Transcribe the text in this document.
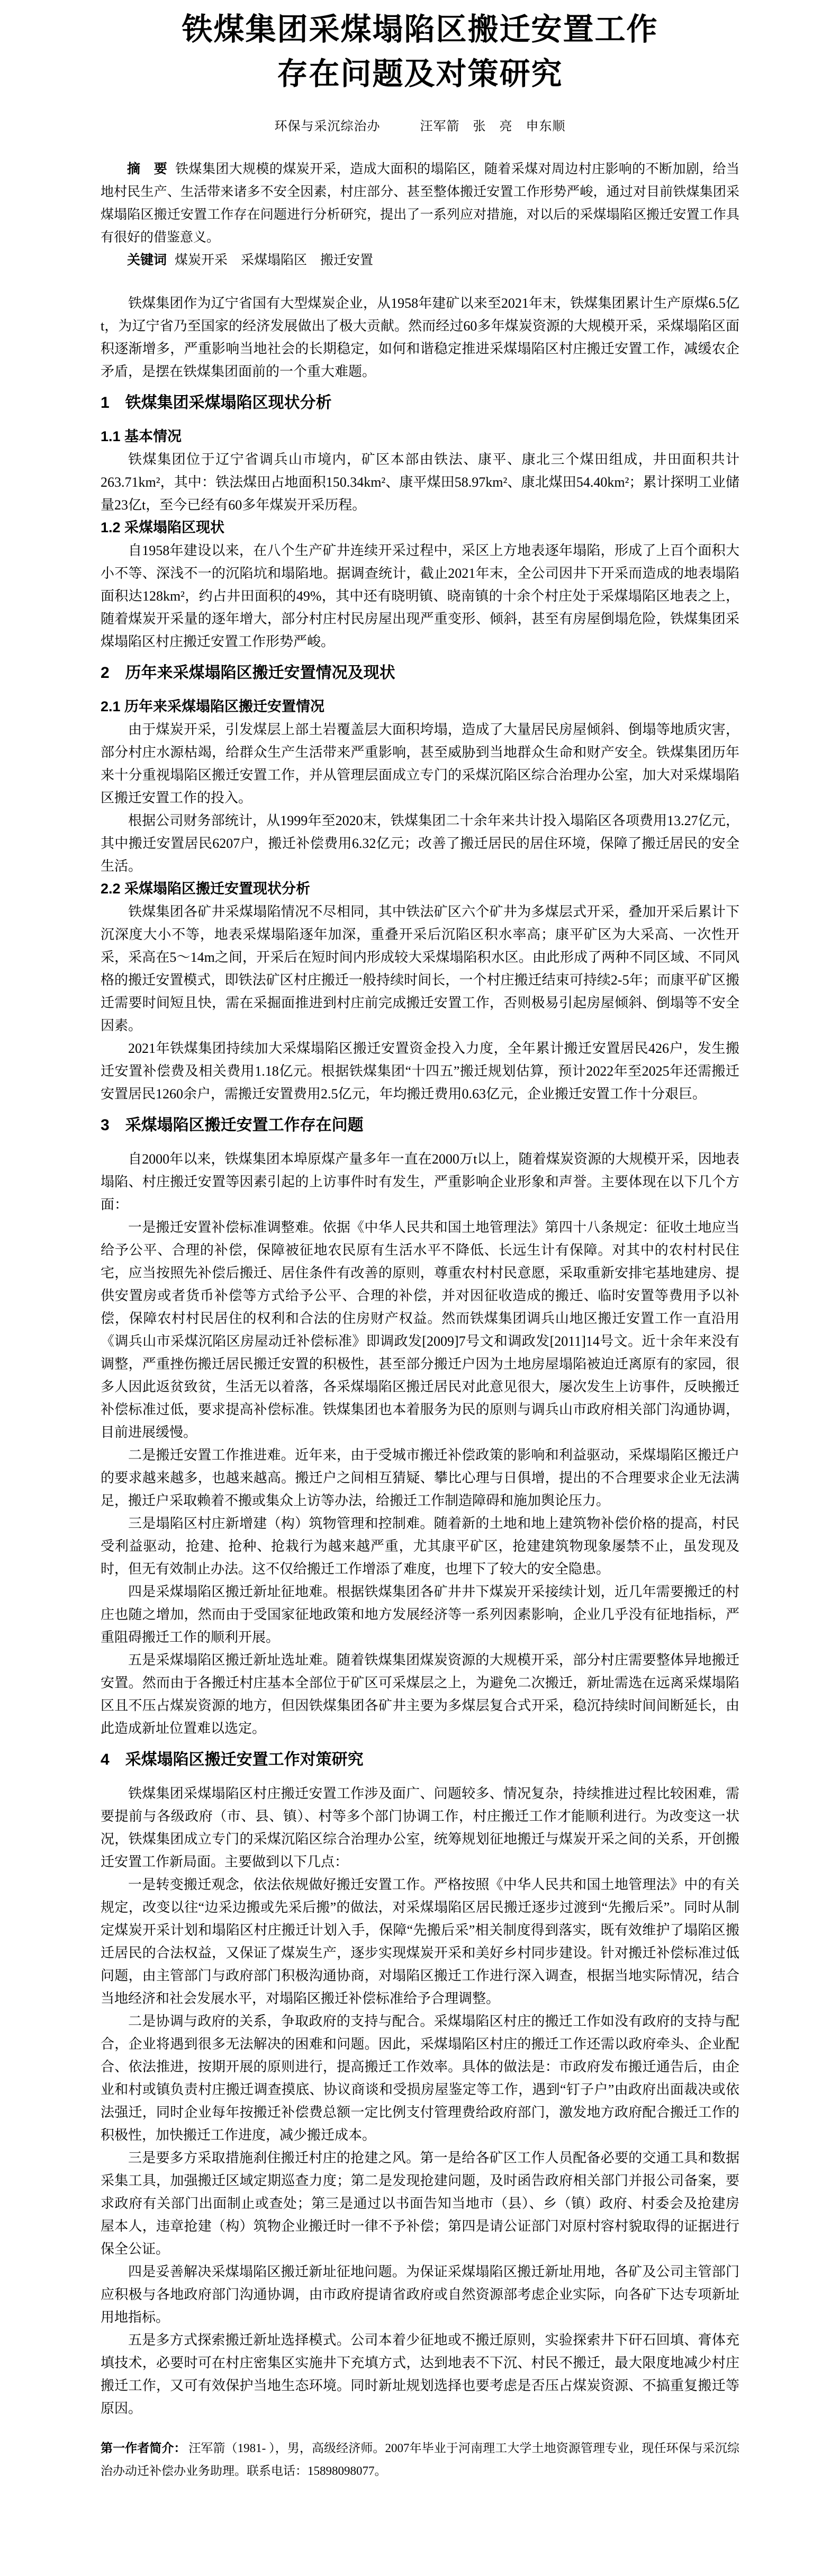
铁煤集团采煤塌陷区搬迁安置工作
存在问题及对策研究
环保与采沉综治办　　　汪军箭　张　亮　申东顺

摘　要 铁煤集团大规模的煤炭开采，造成大面积的塌陷区，随着采煤对周边村庄影响的不断加剧，给当地村民生产、生活带来诸多不安全因素，村庄部分、甚至整体搬迁安置工作形势严峻，通过对目前铁煤集团采煤塌陷区搬迁安置工作存在问题进行分析研究，提出了一系列应对措施，对以后的采煤塌陷区搬迁安置工作具有很好的借鉴意义。

关键词 煤炭开采　采煤塌陷区　搬迁安置

铁煤集团作为辽宁省国有大型煤炭企业，从1958年建矿以来至2021年末，铁煤集团累计生产原煤6.5亿t，为辽宁省乃至国家的经济发展做出了极大贡献。然而经过60多年煤炭资源的大规模开采，采煤塌陷区面积逐渐增多，严重影响当地社会的长期稳定，如何和谐稳定推进采煤塌陷区村庄搬迁安置工作，减缓农企矛盾，是摆在铁煤集团面前的一个重大难题。

1　铁煤集团采煤塌陷区现状分析
1.1 基本情况

铁煤集团位于辽宁省调兵山市境内，矿区本部由铁法、康平、康北三个煤田组成，井田面积共计263.71km²，其中：铁法煤田占地面积150.34km²、康平煤田58.97km²、康北煤田54.40km²；累计探明工业储量23亿t，至今已经有60多年煤炭开采历程。

1.2 采煤塌陷区现状

自1958年建设以来，在八个生产矿井连续开采过程中，采区上方地表逐年塌陷，形成了上百个面积大小不等、深浅不一的沉陷坑和塌陷地。据调查统计，截止2021年末，全公司因井下开采而造成的地表塌陷面积达128km²，约占井田面积的49%，其中还有晓明镇、晓南镇的十余个村庄处于采煤塌陷区地表之上，随着煤炭开采量的逐年增大，部分村庄村民房屋出现严重变形、倾斜，甚至有房屋倒塌危险，铁煤集团采煤塌陷区村庄搬迁安置工作形势严峻。

2　历年来采煤塌陷区搬迁安置情况及现状
2.1 历年来采煤塌陷区搬迁安置情况

由于煤炭开采，引发煤层上部土岩覆盖层大面积垮塌，造成了大量居民房屋倾斜、倒塌等地质灾害，部分村庄水源枯竭，给群众生产生活带来严重影响，甚至威胁到当地群众生命和财产安全。铁煤集团历年来十分重视塌陷区搬迁安置工作，并从管理层面成立专门的采煤沉陷区综合治理办公室，加大对采煤塌陷区搬迁安置工作的投入。

根据公司财务部统计，从1999年至2020末，铁煤集团二十余年来共计投入塌陷区各项费用13.27亿元，其中搬迁安置居民6207户，搬迁补偿费用6.32亿元；改善了搬迁居民的居住环境，保障了搬迁居民的安全生活。

2.2 采煤塌陷区搬迁安置现状分析

铁煤集团各矿井采煤塌陷情况不尽相同，其中铁法矿区六个矿井为多煤层式开采，叠加开采后累计下沉深度大小不等，地表采煤塌陷逐年加深，重叠开采后沉陷区积水率高；康平矿区为大采高、一次性开采，采高在5～14m之间，开采后在短时间内形成较大采煤塌陷积水区。由此形成了两种不同区域、不同风格的搬迁安置模式，即铁法矿区村庄搬迁一般持续时间长，一个村庄搬迁结束可持续2-5年；而康平矿区搬迁需要时间短且快，需在采掘面推进到村庄前完成搬迁安置工作，否则极易引起房屋倾斜、倒塌等不安全因素。

2021年铁煤集团持续加大采煤塌陷区搬迁安置资金投入力度，全年累计搬迁安置居民426户，发生搬迁安置补偿费及相关费用1.18亿元。根据铁煤集团“十四五”搬迁规划估算，预计2022年至2025年还需搬迁安置居民1260余户，需搬迁安置费用2.5亿元，年均搬迁费用0.63亿元，企业搬迁安置工作十分艰巨。

3　采煤塌陷区搬迁安置工作存在问题

自2000年以来，铁煤集团本埠原煤产量多年一直在2000万t以上，随着煤炭资源的大规模开采，因地表塌陷、村庄搬迁安置等因素引起的上访事件时有发生，严重影响企业形象和声誉。主要体现在以下几个方面：

一是搬迁安置补偿标准调整难。依据《中华人民共和国土地管理法》第四十八条规定：征收土地应当给予公平、合理的补偿，保障被征地农民原有生活水平不降低、长远生计有保障。对其中的农村村民住宅，应当按照先补偿后搬迁、居住条件有改善的原则，尊重农村村民意愿，采取重新安排宅基地建房、提供安置房或者货币补偿等方式给予公平、合理的补偿，并对因征收造成的搬迁、临时安置等费用予以补偿，保障农村村民居住的权利和合法的住房财产权益。然而铁煤集团调兵山地区搬迁安置工作一直沿用《调兵山市采煤沉陷区房屋动迁补偿标准》即调政发[2009]7号文和调政发[2011]14号文。近十余年来没有调整，严重挫伤搬迁居民搬迁安置的积极性，甚至部分搬迁户因为土地房屋塌陷被迫迁离原有的家园，很多人因此返贫致贫，生活无以着落，各采煤塌陷区搬迁居民对此意见很大，屡次发生上访事件，反映搬迁补偿标准过低，要求提高补偿标准。铁煤集团也本着服务为民的原则与调兵山市政府相关部门沟通协调，目前进展缓慢。

二是搬迁安置工作推进难。近年来，由于受城市搬迁补偿政策的影响和利益驱动，采煤塌陷区搬迁户的要求越来越多，也越来越高。搬迁户之间相互猜疑、攀比心理与日俱增，提出的不合理要求企业无法满足，搬迁户采取赖着不搬或集众上访等办法，给搬迁工作制造障碍和施加舆论压力。

三是塌陷区村庄新增建（构）筑物管理和控制难。随着新的土地和地上建筑物补偿价格的提高，村民受利益驱动，抢建、抢种、抢栽行为越来越严重，尤其康平矿区，抢建建筑物现象屡禁不止，虽发现及时，但无有效制止办法。这不仅给搬迁工作增添了难度，也埋下了较大的安全隐患。

四是采煤塌陷区搬迁新址征地难。根据铁煤集团各矿井井下煤炭开采接续计划，近几年需要搬迁的村庄也随之增加，然而由于受国家征地政策和地方发展经济等一系列因素影响，企业几乎没有征地指标，严重阻碍搬迁工作的顺利开展。

五是采煤塌陷区搬迁新址选址难。随着铁煤集团煤炭资源的大规模开采，部分村庄需要整体异地搬迁安置。然而由于各搬迁村庄基本全部位于矿区可采煤层之上，为避免二次搬迁，新址需选在远离采煤塌陷区且不压占煤炭资源的地方，但因铁煤集团各矿井主要为多煤层复合式开采，稳沉持续时间间断延长，由此造成新址位置难以选定。

4　采煤塌陷区搬迁安置工作对策研究

铁煤集团采煤塌陷区村庄搬迁安置工作涉及面广、问题较多、情况复杂，持续推进过程比较困难，需要提前与各级政府（市、县、镇）、村等多个部门协调工作，村庄搬迁工作才能顺利进行。为改变这一状况，铁煤集团成立专门的采煤沉陷区综合治理办公室，统筹规划征地搬迁与煤炭开采之间的关系，开创搬迁安置工作新局面。主要做到以下几点：

一是转变搬迁观念，依法依规做好搬迁安置工作。严格按照《中华人民共和国土地管理法》中的有关规定，改变以往“边采边搬或先采后搬”的做法，对采煤塌陷区居民搬迁逐步过渡到“先搬后采”。同时从制定煤炭开采计划和塌陷区村庄搬迁计划入手，保障“先搬后采”相关制度得到落实，既有效维护了塌陷区搬迁居民的合法权益，又保证了煤炭生产，逐步实现煤炭开采和美好乡村同步建设。针对搬迁补偿标准过低问题，由主管部门与政府部门积极沟通协商，对塌陷区搬迁工作进行深入调查，根据当地实际情况，结合当地经济和社会发展水平，对塌陷区搬迁补偿标准给予合理调整。

二是协调与政府的关系，争取政府的支持与配合。采煤塌陷区村庄的搬迁工作如没有政府的支持与配合，企业将遇到很多无法解决的困难和问题。因此，采煤塌陷区村庄的搬迁工作还需以政府牵头、企业配合、依法推进，按期开展的原则进行，提高搬迁工作效率。具体的做法是：市政府发布搬迁通告后，由企业和村或镇负责村庄搬迁调查摸底、协议商谈和受损房屋鉴定等工作，遇到“钉子户”由政府出面裁决或依法强迁，同时企业每年按搬迁补偿费总额一定比例支付管理费给政府部门，激发地方政府配合搬迁工作的积极性，加快搬迁工作进度，减少搬迁成本。

三是要多方采取措施刹住搬迁村庄的抢建之风。第一是给各矿区工作人员配备必要的交通工具和数据采集工具，加强搬迁区域定期巡查力度；第二是发现抢建问题，及时函告政府相关部门并报公司备案，要求政府有关部门出面制止或查处；第三是通过以书面告知当地市（县）、乡（镇）政府、村委会及抢建房屋本人，违章抢建（构）筑物企业搬迁时一律不予补偿；第四是请公证部门对原村容村貌取得的证据进行保全公证。

四是妥善解决采煤塌陷区搬迁新址征地问题。为保证采煤塌陷区搬迁新址用地，各矿及公司主管部门应积极与各地政府部门沟通协调，由市政府提请省政府或自然资源部考虑企业实际，向各矿下达专项新址用地指标。

五是多方式探索搬迁新址选择模式。公司本着少征地或不搬迁原则，实验探索井下矸石回填、膏体充填技术，必要时可在村庄密集区实施井下充填方式，达到地表不下沉、村民不搬迁，最大限度地减少村庄搬迁工作，又可有效保护当地生态环境。同时新址规划选择也要考虑是否压占煤炭资源、不搞重复搬迁等原因。

第一作者简介： 汪军箭（1981- ），男，高级经济师。2007年毕业于河南理工大学土地资源管理专业，现任环保与采沉综治办动迁补偿办业务助理。联系电话：15898098077。
